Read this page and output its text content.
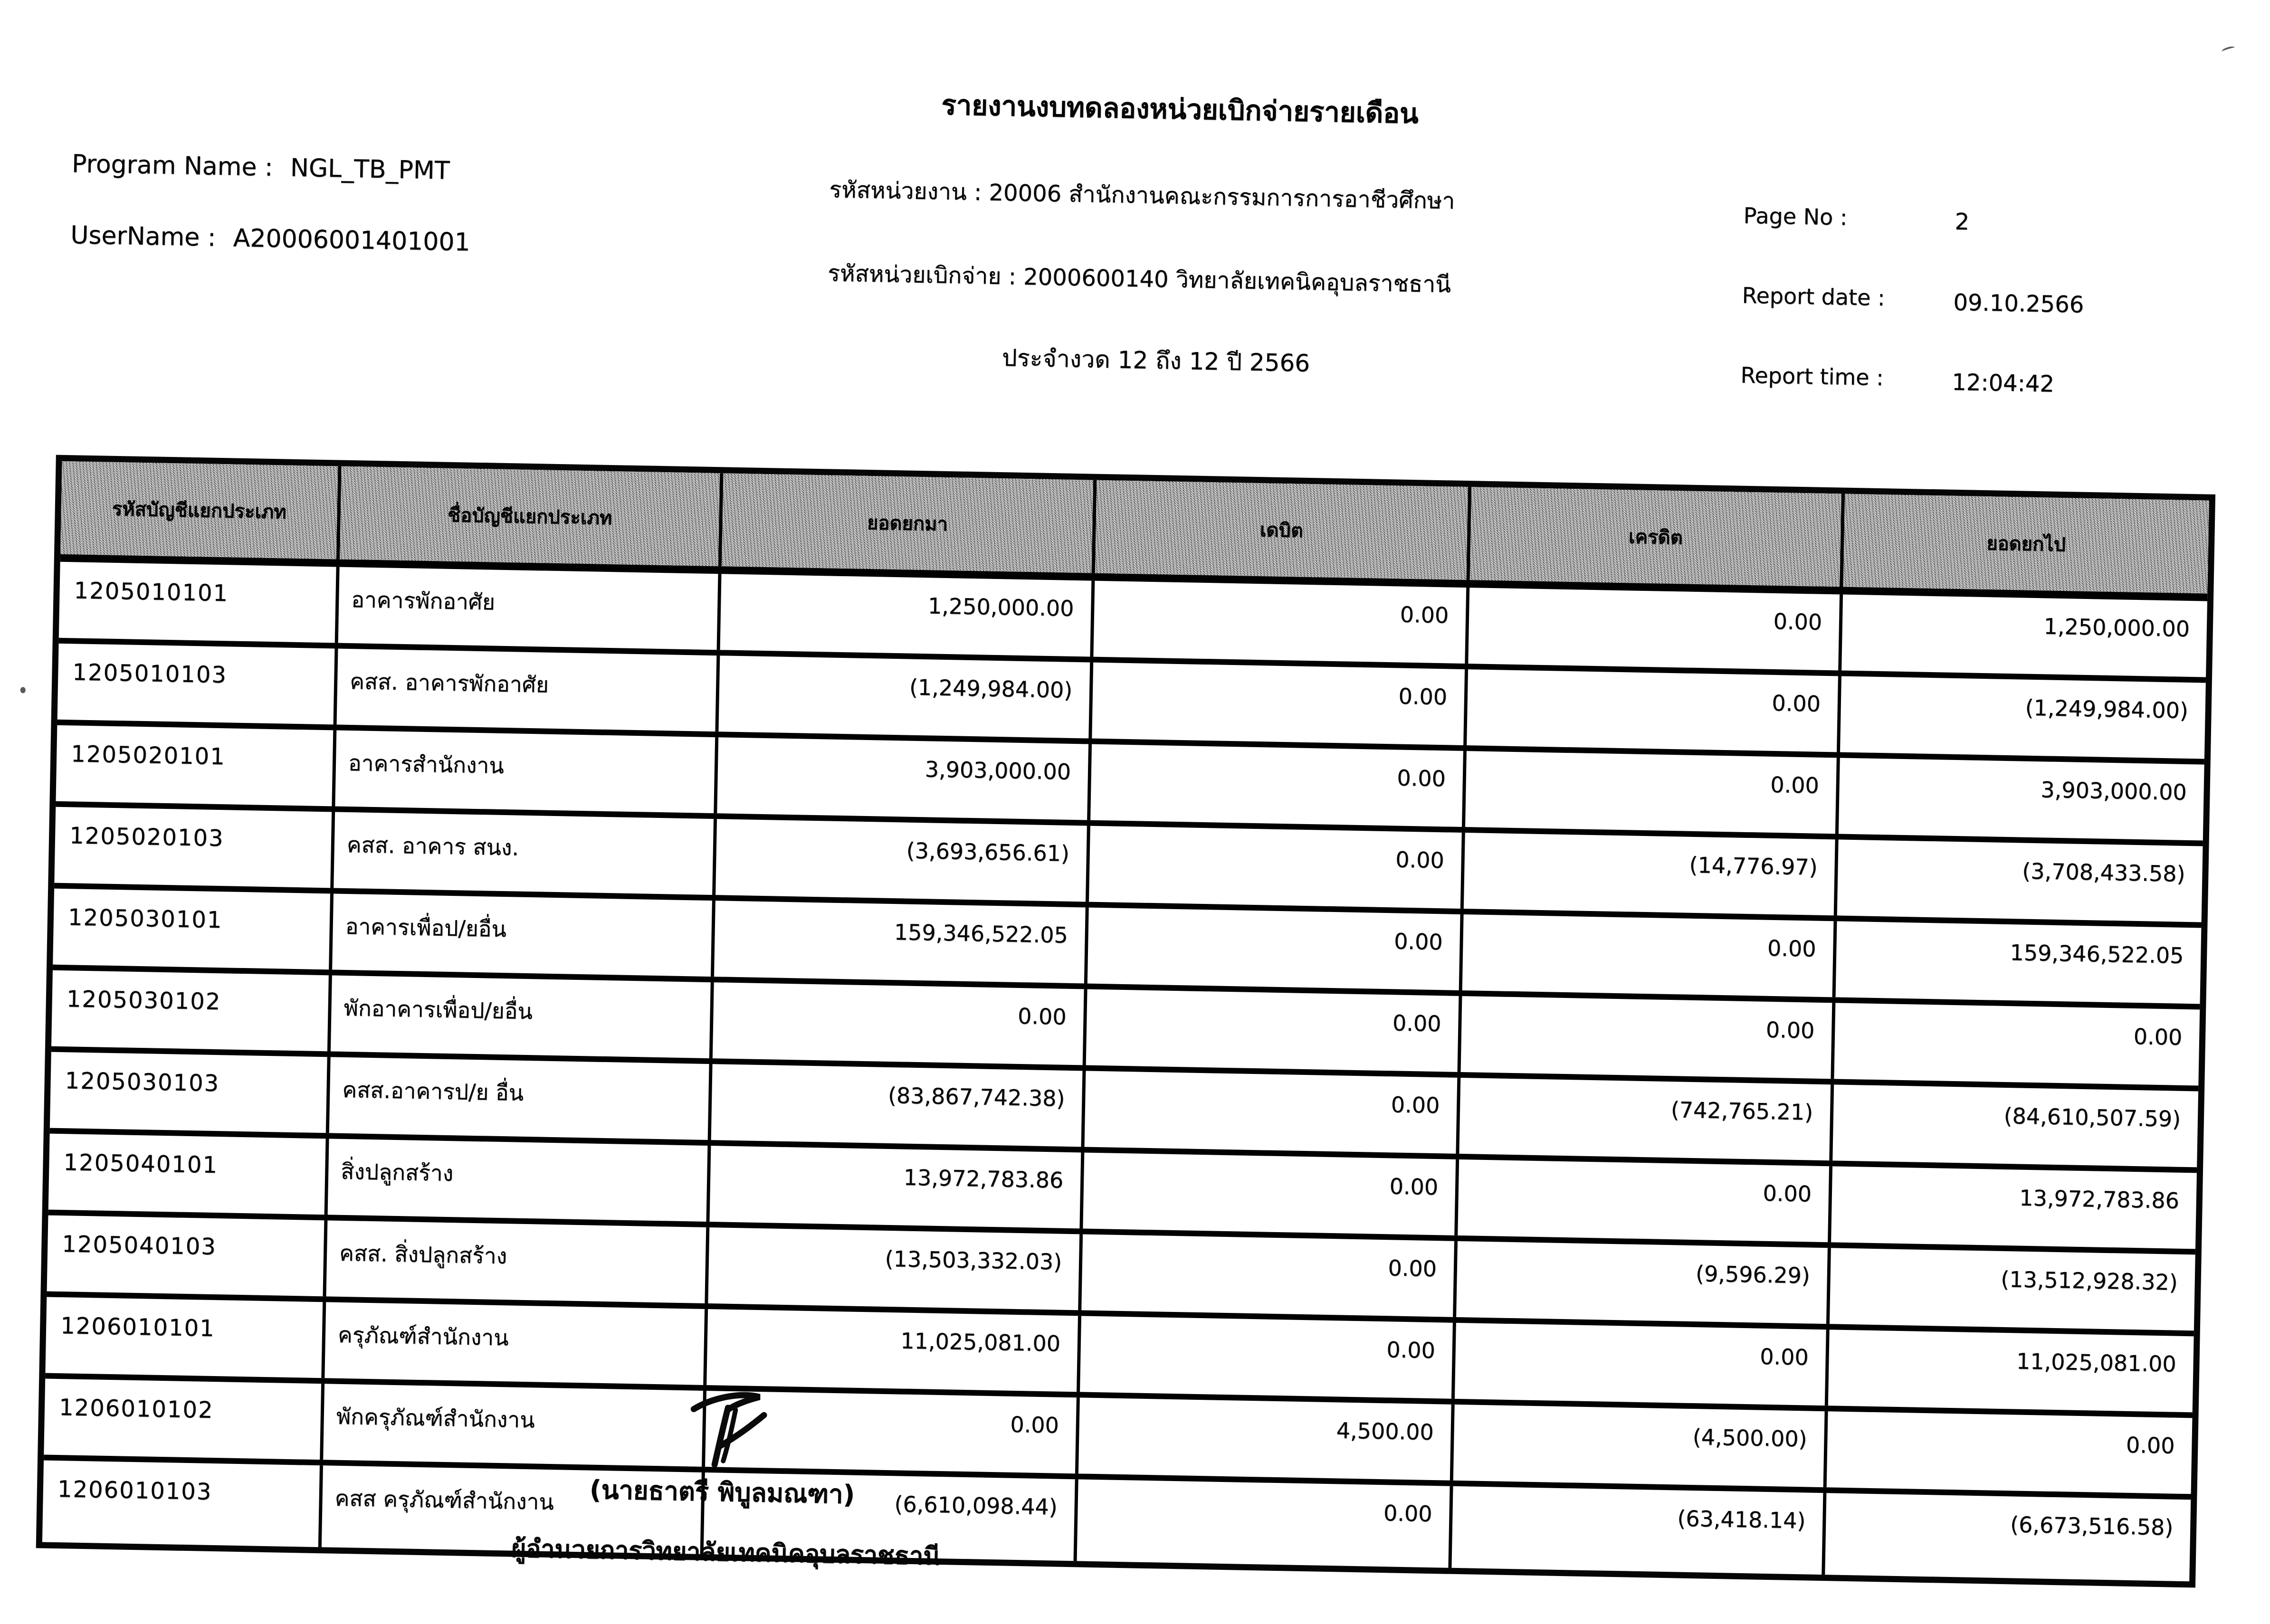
รายงานงบทดลองหน่วยเบิกจ่ายรายเดือน
Program Name : NGL_TB_PMT
UserName : A20006001401001
รหัสหน่วยงาน : 20006 สำนักงานคณะกรรมการการอาชีวศึกษา
รหัสหน่วยเบิกจ่าย : 2000600140 วิทยาลัยเทคนิคอุบลราชธานี
ประจำงวด 12 ถึง 12 ปี 2566
Page No :	2
Report date :	09.10.2566
Report time :	12:04:42
รหัสบัญชีแยกประเภท	ชื่อบัญชีแยกประเภท	ยอดยกมา	เดบิต	เครดิต	ยอดยกไป
1205010101	อาคารพักอาศัย	1,250,000.00	0.00	0.00	1,250,000.00
1205010103	คสส. อาคารพักอาศัย	(1,249,984.00)	0.00	0.00	(1,249,984.00)
1205020101	อาคารสำนักงาน	3,903,000.00	0.00	0.00	3,903,000.00
1205020103	คสส. อาคาร สนง.	(3,693,656.61)	0.00	(14,776.97)	(3,708,433.58)
1205030101	อาคารเพื่อป/ยอื่น	159,346,522.05	0.00	0.00	159,346,522.05
1205030102	พักอาคารเพื่อป/ยอื่น	0.00	0.00	0.00	0.00
1205030103	คสส.อาคารป/ย อื่น	(83,867,742.38)	0.00	(742,765.21)	(84,610,507.59)
1205040101	สิ่งปลูกสร้าง	13,972,783.86	0.00	0.00	13,972,783.86
1205040103	คสส. สิ่งปลูกสร้าง	(13,503,332.03)	0.00	(9,596.29)	(13,512,928.32)
1206010101	ครุภัณฑ์สำนักงาน	11,025,081.00	0.00	0.00	11,025,081.00
1206010102	พักครุภัณฑ์สำนักงาน	0.00	4,500.00	(4,500.00)	0.00
1206010103	คสส ครุภัณฑ์สำนักงาน	(6,610,098.44)	0.00	(63,418.14)	(6,673,516.58)
(นายธาตรี พิบูลมณฑา)
ผู้อำนวยการวิทยาลัยเทคนิคอุบลราชธานี
